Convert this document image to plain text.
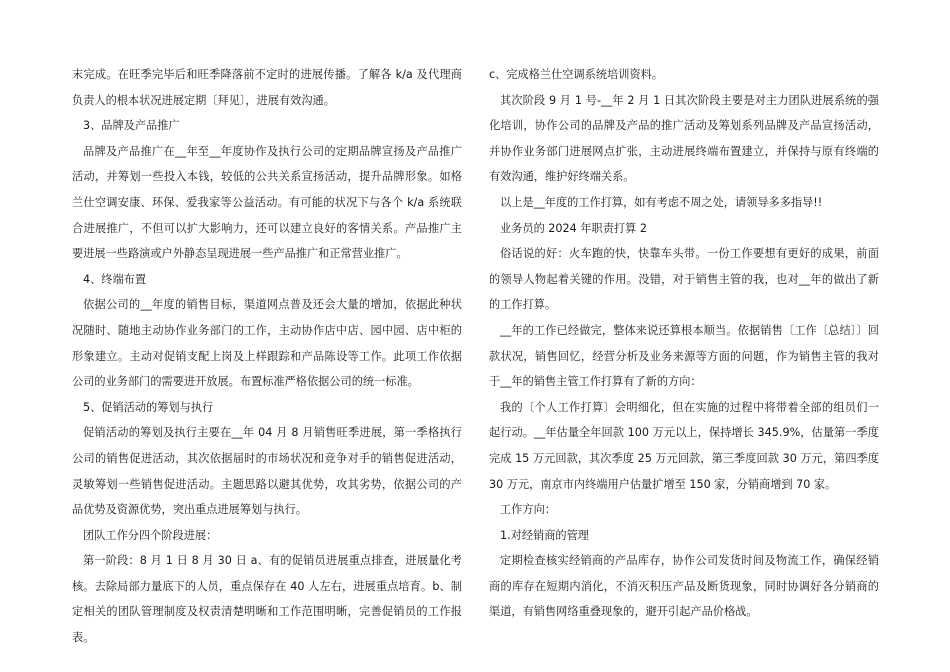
末完成。在旺季完毕后和旺季降落前不定时的进展传播。了解各 k/a 及代理商负责人的根本状况进展定期〔拜见〕，进展有效沟通。

3、品牌及产品推广

品牌及产品推广在__年至__年度协作及执行公司的定期品牌宣扬及产品推广活动，并筹划一些投入本钱，较低的公共关系宣扬活动，提升品牌形象。如格兰仕空调安康、环保、爱我家等公益活动。有可能的状况下与各个 k/a 系统联合进展推广，不但可以扩大影响力，还可以建立良好的客情关系。产品推广主要进展一些路演或户外静态呈现进展一些产品推广和正常营业推广。

4、终端布置

依据公司的__年度的销售目标，渠道网点普及还会大量的增加，依据此种状况随时、随地主动协作业务部门的工作，主动协作店中店、园中园、店中柜的形象建立。主动对促销支配上岗及上样跟踪和产品陈设等工作。此项工作依据公司的业务部门的需要进开放展。布置标准严格依据公司的统一标准。

5、促销活动的筹划与执行

促销活动的筹划及执行主要在__年 04 月 8 月销售旺季进展，第一季格执行公司的销售促进活动，其次依据届时的市场状况和竞争对手的销售促进活动，灵敏筹划一些销售促进活动。主题思路以避其优势，攻其劣势，依据公司的产品优势及资源优势，突出重点进展筹划与执行。

团队工作分四个阶段进展：

第一阶段：8 月 1 日 8 月 30 日 a、有的促销员进展重点排查，进展量化考核。去除局部力量底下的人员，重点保存在 40 人左右，进展重点培育。b、制定相关的团队管理制度及权责清楚明晰和工作范围明晰，完善促销员的工作报表。

c、完成格兰仕空调系统培训资料。

其次阶段 9 月 1 号-__年 2 月 1 日其次阶段主要是对主力团队进展系统的强化培训，协作公司的品牌及产品的推广活动及筹划系列品牌及产品宣扬活动，并协作业务部门进展网点扩张，主动进展终端布置建立，并保持与原有终端的有效沟通，维护好终端关系。

以上是__年度的工作打算，如有考虑不周之处，请领导多多指导!!

业务员的 2024 年职责打算 2

俗话说的好：火车跑的快，快靠车头带。一份工作要想有更好的成果，前面的领导人物起着关键的作用。没错，对于销售主管的我，也对__年的做出了新的工作打算。

__年的工作已经做完，整体来说还算根本顺当。依据销售〔工作〔总结〕〕回款状况，销售回忆，经营分析及业务来源等方面的问题，作为销售主管的我对于__年的销售主管工作打算有了新的方向：

我的〔个人工作打算〕会明细化，但在实施的过程中将带着全部的组员们一起行动。__年估量全年回款 100 万元以上，保持增长 345.9%，估量第一季度完成 15 万元回款，其次季度 25 万元回款，第三季度回款 30 万元，第四季度 30 万元，南京市内终端用户估量扩增至 150 家，分销商增到 70 家。

工作方向：

1.对经销商的管理

定期检查核实经销商的产品库存，协作公司发货时间及物流工作，确保经销商的库存在短期内消化，不消灭积压产品及断货现象，同时协调好各分销商的渠道，有销售网络重叠现象的，避开引起产品价格战。
